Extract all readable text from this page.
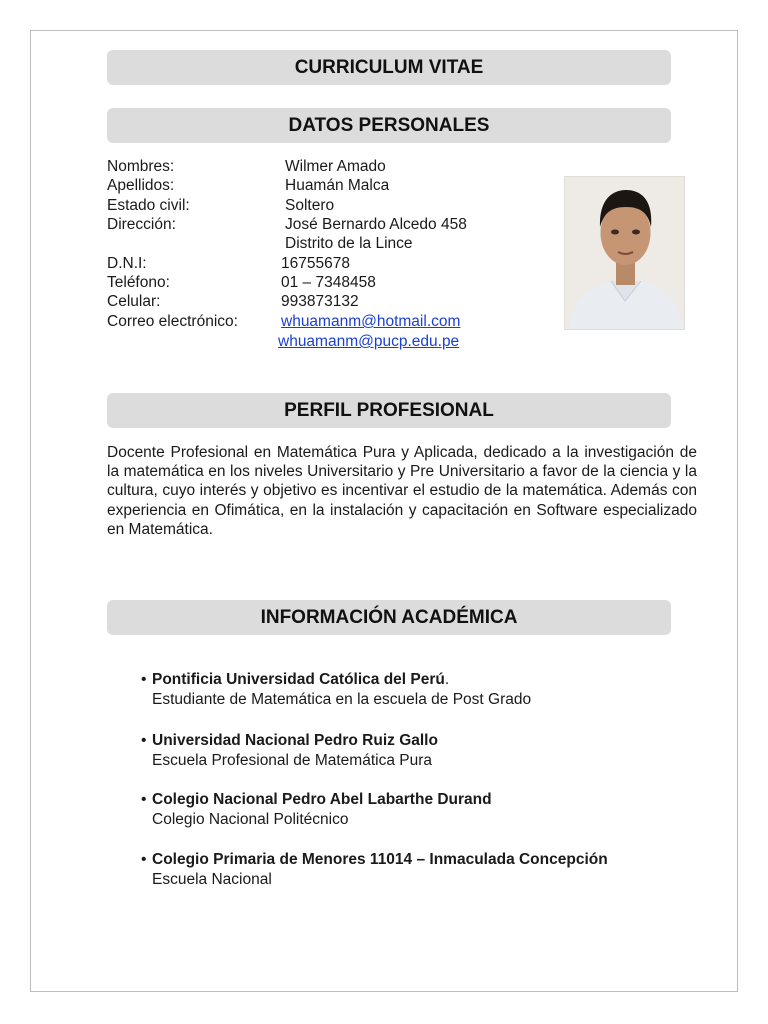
CURRICULUM VITAE
DATOS PERSONALES
Nombres:	Wilmer Amado
Apellidos:	Huamán Malca
Estado civil:	Soltero
Dirección:	José Bernardo Alcedo 458
Distrito de la Lince
D.N.I:	16755678
Teléfono:	01 – 7348458
Celular:	993873132
Correo electrónico:	whuamanm@hotmail.com
whuamanm@pucp.edu.pe
PERFIL PROFESIONAL
Docente Profesional en Matemática Pura y Aplicada, dedicado a la investigación de la matemática en los niveles Universitario y Pre Universitario a favor de la ciencia y la cultura, cuyo interés y objetivo es incentivar el estudio de la matemática. Además con experiencia en Ofimática, en la instalación y capacitación en Software especializado en Matemática.
INFORMACIÓN ACADÉMICA
• Pontificia Universidad Católica del Perú.
Estudiante de Matemática en la escuela de Post Grado
• Universidad Nacional Pedro Ruiz Gallo
Escuela Profesional de Matemática Pura
• Colegio Nacional Pedro Abel Labarthe Durand
Colegio Nacional Politécnico
• Colegio Primaria de Menores 11014 – Inmaculada Concepción
Escuela Nacional
